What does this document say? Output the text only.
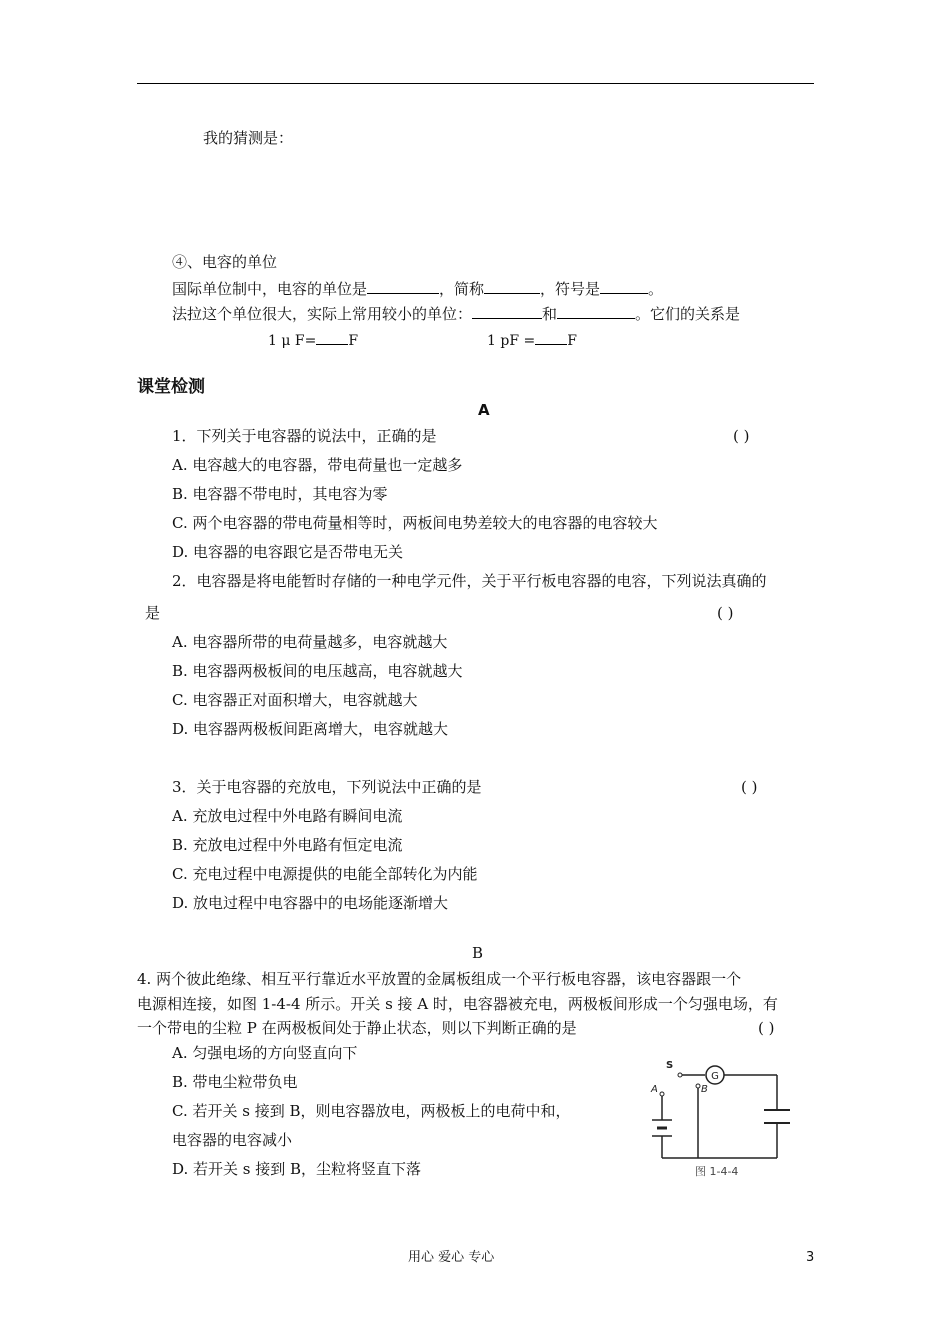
我的猜测是：
④、电容的单位
国际单位制中，电容的单位是	，简称	，符号是	。
法拉这个单位很大，实际上常用较小的单位：	和	。它们的关系是
1 μ F= F	1 pF = F
课堂检测
A
1．下列关于电容器的说法中，正确的是	( )
A. 电容越大的电容器，带电荷量也一定越多
B. 电容器不带电时，其电容为零
C. 两个电容器的带电荷量相等时，两板间电势差较大的电容器的电容较大
D. 电容器的电容跟它是否带电无关
2．电容器是将电能暂时存储的一种电学元件，关于平行板电容器的电容，下列说法真确的
是	( )
A. 电容器所带的电荷量越多，电容就越大
B. 电容器两极板间的电压越高，电容就越大
C. 电容器正对面积增大，电容就越大
D. 电容器两极板间距离增大，电容就越大
3．关于电容器的充放电，下列说法中正确的是	( )
A. 充放电过程中外电路有瞬间电流
B. 充放电过程中外电路有恒定电流
C. 充电过程中电源提供的电能全部转化为内能
D. 放电过程中电容器中的电场能逐渐增大
B
4. 两个彼此绝缘、相互平行靠近水平放置的金属板组成一个平行板电容器，该电容器跟一个
电源相连接，如图 1-4-4 所示。开关 s 接 A 时，电容器被充电，两极板间形成一个匀强电场，有
一个带电的尘粒 P 在两极板间处于静止状态，则以下判断正确的是	( )
A. 匀强电场的方向竖直向下
B. 带电尘粒带负电
C. 若开关 s 接到 B，则电容器放电，两极板上的电荷中和，
电容器的电容减小
D. 若开关 s 接到 B，尘粒将竖直下落
G
S
A	B
图 1-4-4
用心 爱心 专心	3
